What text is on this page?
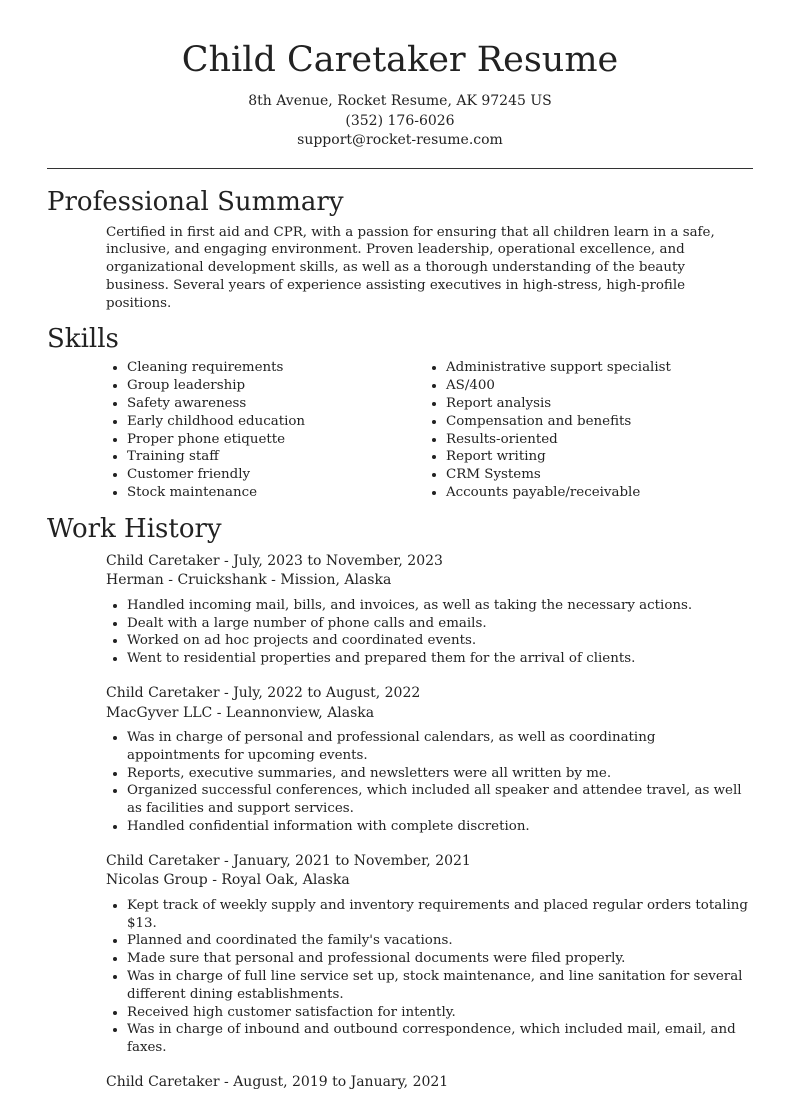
Child Caretaker Resume
8th Avenue, Rocket Resume, AK 97245 US
(352) 176-6026
support@rocket-resume.com
Professional Summary

Certified in first aid and CPR, with a passion for ensuring that all children learn in a safe, inclusive, and engaging environment. Proven leadership, operational excellence, and organizational development skills, as well as a thorough understanding of the beauty business. Several years of experience assisting executives in high-stress, high-profile positions.

Skills
• Cleaning requirements
• Group leadership
• Safety awareness
• Early childhood education
• Proper phone etiquette
• Training staff
• Customer friendly
• Stock maintenance
• Administrative support specialist
• AS/400
• Report analysis
• Compensation and benefits
• Results-oriented
• Report writing
• CRM Systems
• Accounts payable/receivable
Work History
Child Caretaker - July, 2023 to November, 2023
Herman - Cruickshank - Mission, Alaska
• Handled incoming mail, bills, and invoices, as well as taking the necessary actions.
• Dealt with a large number of phone calls and emails.
• Worked on ad hoc projects and coordinated events.
• Went to residential properties and prepared them for the arrival of clients.
Child Caretaker - July, 2022 to August, 2022
MacGyver LLC - Leannonview, Alaska
• Was in charge of personal and professional calendars, as well as coordinating appointments for upcoming events.
• Reports, executive summaries, and newsletters were all written by me.
• Organized successful conferences, which included all speaker and attendee travel, as well as facilities and support services.
• Handled confidential information with complete discretion.
Child Caretaker - January, 2021 to November, 2021
Nicolas Group - Royal Oak, Alaska
• Kept track of weekly supply and inventory requirements and placed regular orders totaling $13.
• Planned and coordinated the family's vacations.
• Made sure that personal and professional documents were filed properly.
• Was in charge of full line service set up, stock maintenance, and line sanitation for several different dining establishments.
• Received high customer satisfaction for intently.
• Was in charge of inbound and outbound correspondence, which included mail, email, and faxes.
Child Caretaker - August, 2019 to January, 2021
